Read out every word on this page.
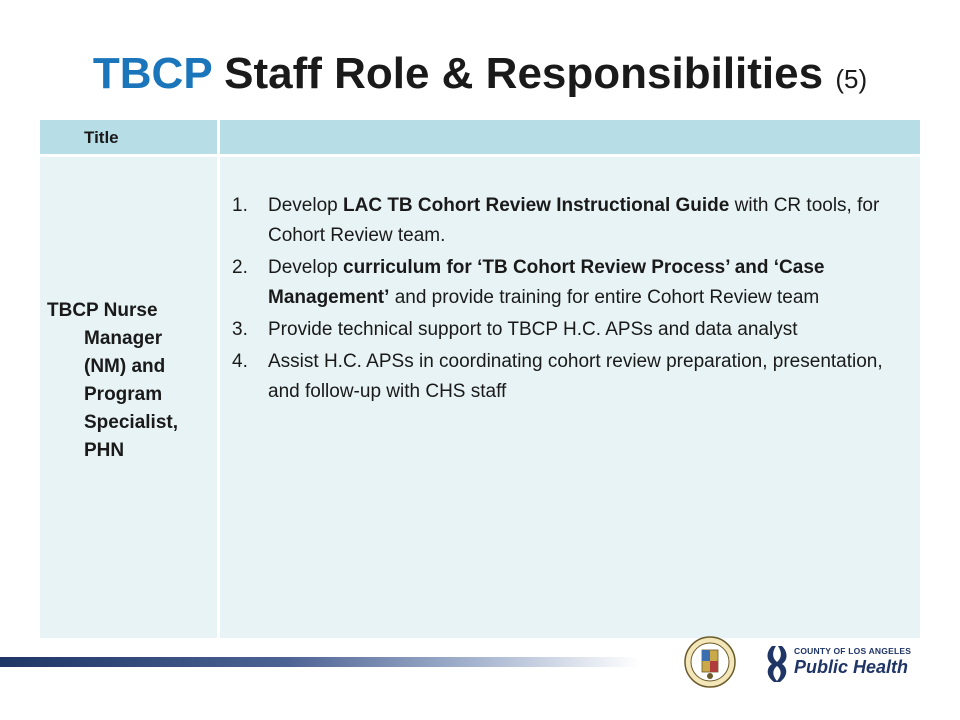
TBCP Staff Role & Responsibilities (5)
Title
TBCP Nurse
Manager
(NM) and
Program
Specialist,
PHN
1. Develop LAC TB Cohort Review Instructional Guide with CR tools, for Cohort Review team.
2. Develop curriculum for ‘TB Cohort Review Process’ and ‘Case Management’ and provide training for entire Cohort Review team
3. Provide technical support to TBCP H.C. APSs and data analyst
4. Assist H.C. APSs in coordinating cohort review preparation, presentation, and follow-up with CHS staff
COUNTY OF LOS ANGELES
Public Health
